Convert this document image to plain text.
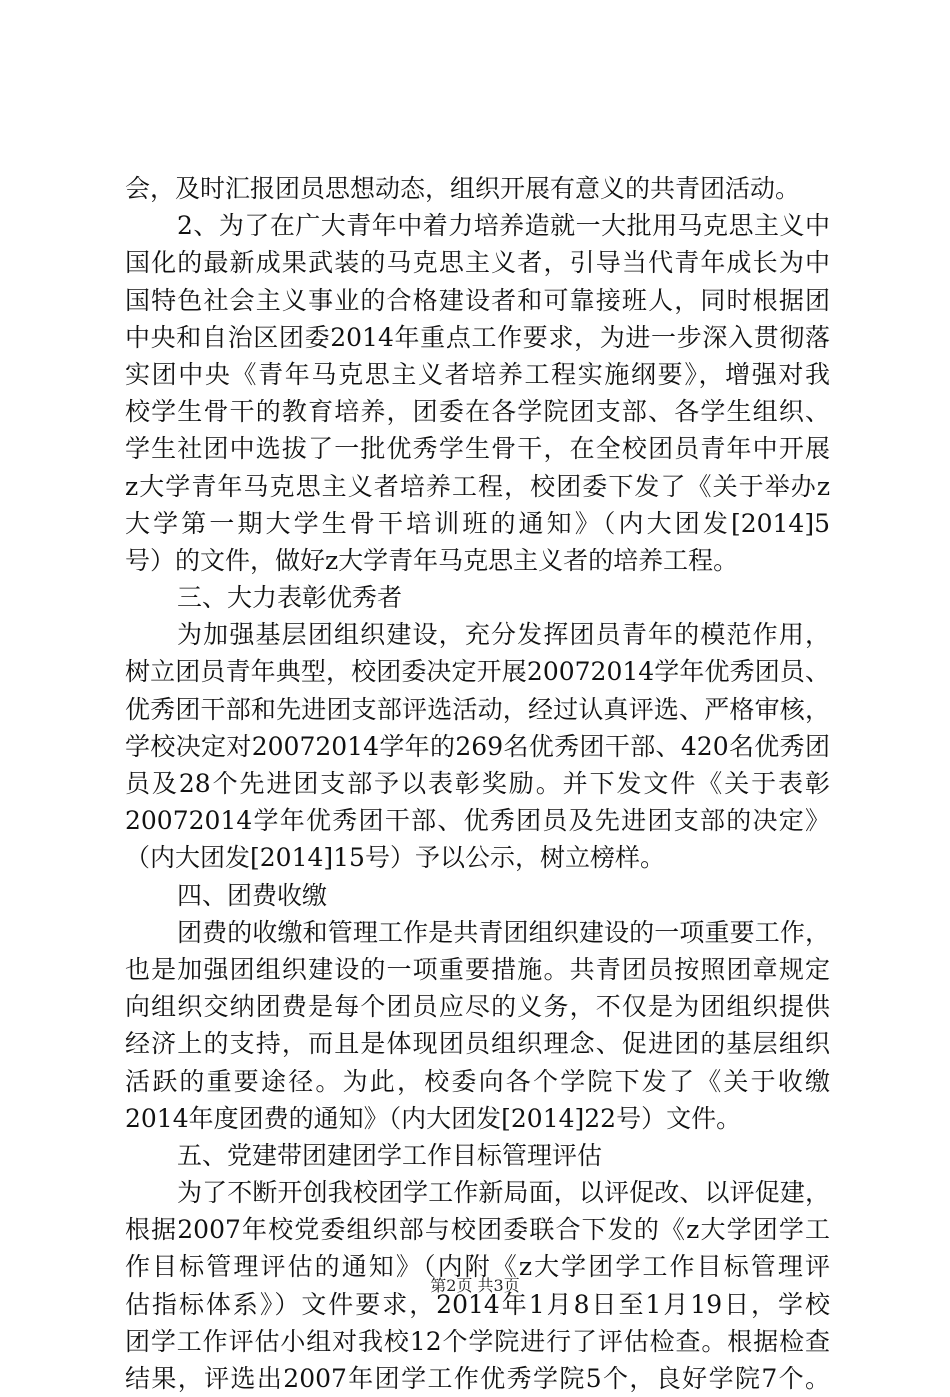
会，及时汇报团员思想动态，组织开展有意义的共青团活动。
2、为了在广大青年中着力培养造就一大批用马克思主义中
国化的最新成果武装的马克思主义者，引导当代青年成长为中
国特色社会主义事业的合格建设者和可靠接班人，同时根据团
中央和自治区团委2014年重点工作要求，为进一步深入贯彻落
实团中央《青年马克思主义者培养工程实施纲要》，增强对我
校学生骨干的教育培养，团委在各学院团支部、各学生组织、
学生社团中选拔了一批优秀学生骨干，在全校团员青年中开展
z大学青年马克思主义者培养工程，校团委下发了《关于举办z
大学第一期大学生骨干培训班的通知》（内大团发[2014]5
号）的文件，做好z大学青年马克思主义者的培养工程。
三、大力表彰优秀者
为加强基层团组织建设，充分发挥团员青年的模范作用，
树立团员青年典型，校团委决定开展20072014学年优秀团员、
优秀团干部和先进团支部评选活动，经过认真评选、严格审核，
学校决定对20072014学年的269名优秀团干部、420名优秀团
员及28个先进团支部予以表彰奖励。并下发文件《关于表彰
20072014学年优秀团干部、优秀团员及先进团支部的决定》
（内大团发[2014]15号）予以公示，树立榜样。
四、团费收缴
团费的收缴和管理工作是共青团组织建设的一项重要工作，
也是加强团组织建设的一项重要措施。共青团员按照团章规定
向组织交纳团费是每个团员应尽的义务，不仅是为团组织提供
经济上的支持，而且是体现团员组织理念、促进团的基层组织
活跃的重要途径。为此，校委向各个学院下发了《关于收缴
2014年度团费的通知》（内大团发[2014]22号）文件。
五、党建带团建团学工作目标管理评估
为了不断开创我校团学工作新局面，以评促改、以评促建，
根据2007年校党委组织部与校团委联合下发的《z大学团学工
作目标管理评估的通知》（内附《z大学团学工作目标管理评
估指标体系》）文件要求，2014年1月8日至1月19日，学校
团学工作评估小组对我校12个学院进行了评估检查。根据检查
结果，评选出2007年团学工作优秀学院5个，良好学院7个。
第2页 共3页
